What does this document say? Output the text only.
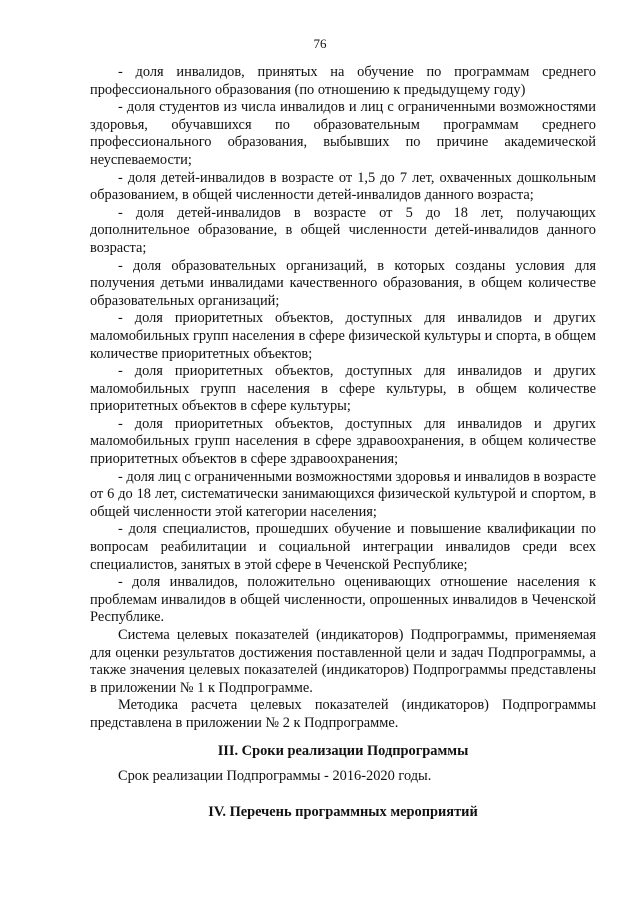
76

- доля инвалидов, принятых на обучение по программам среднего профессионального образования (по отношению к предыдущему году)

- доля студентов из числа инвалидов и лиц с ограниченными возможностями здоровья, обучавшихся по образовательным программам среднего профессионального образования, выбывших по причине академической неуспеваемости;

- доля детей-инвалидов в возрасте от 1,5 до 7 лет, охваченных дошкольным образованием, в общей численности детей-инвалидов данного возраста;

- доля детей-инвалидов в возрасте от 5 до 18 лет, получающих дополнительное образование, в общей численности детей-инвалидов данного возраста;

- доля образовательных организаций, в которых созданы условия для получения детьми инвалидами качественного образования, в общем количестве образовательных организаций;

- доля приоритетных объектов, доступных для инвалидов и других маломобильных групп населения в сфере физической культуры и спорта, в общем количестве приоритетных объектов;

- доля приоритетных объектов, доступных для инвалидов и других маломобильных групп населения в сфере культуры, в общем количестве приоритетных объектов в сфере культуры;

- доля приоритетных объектов, доступных для инвалидов и других маломобильных групп населения в сфере здравоохранения, в общем количестве приоритетных объектов в сфере здравоохранения;

- доля лиц с ограниченными возможностями здоровья и инвалидов в возрасте от 6 до 18 лет, систематически занимающихся физической культурой и спортом, в общей численности этой категории населения;

- доля специалистов, прошедших обучение и повышение квалификации по вопросам реабилитации и социальной интеграции инвалидов среди всех специалистов, занятых в этой сфере в Чеченской Республике;

- доля инвалидов, положительно оценивающих отношение населения к проблемам инвалидов в общей численности, опрошенных инвалидов в Чеченской Республике.

Система целевых показателей (индикаторов) Подпрограммы, применяемая для оценки результатов достижения поставленной цели и задач Подпрограммы, а также значения целевых показателей (индикаторов) Подпрограммы представлены в приложении № 1 к Подпрограмме.

Методика расчета целевых показателей (индикаторов) Подпрограммы представлена в приложении № 2 к Подпрограмме.

III. Сроки реализации Подпрограммы

Срок реализации Подпрограммы - 2016-2020 годы.

IV. Перечень программных мероприятий
